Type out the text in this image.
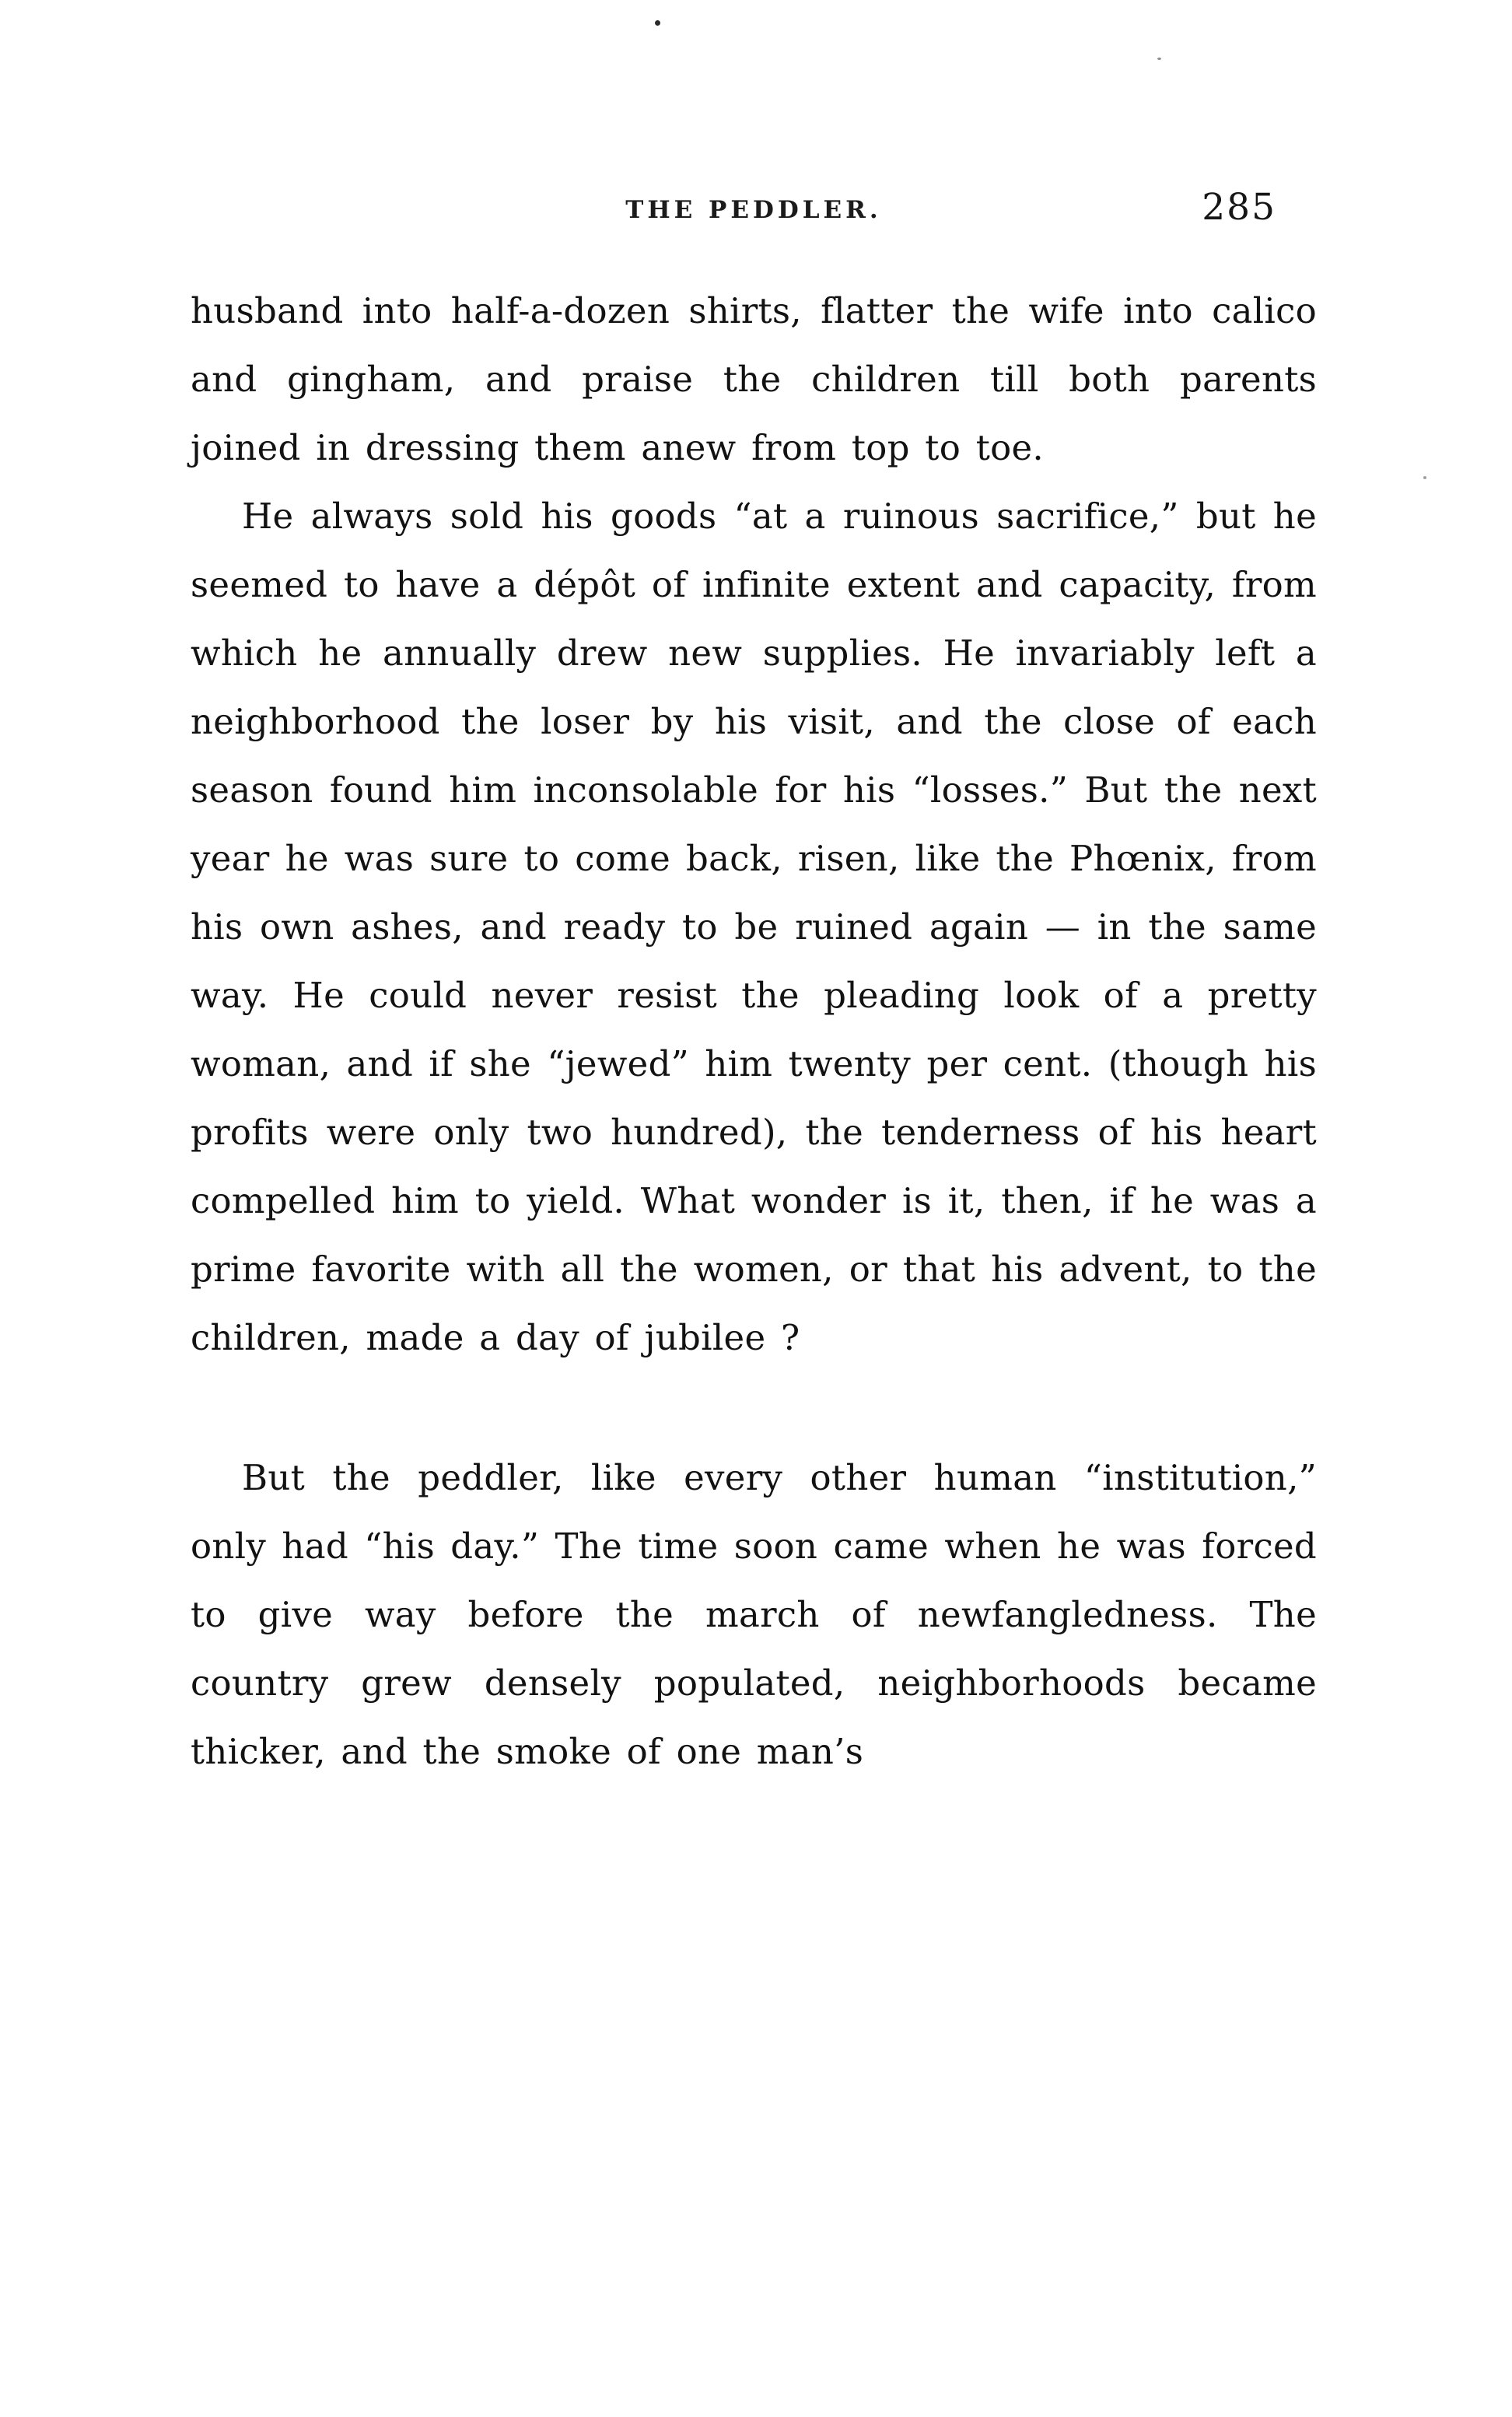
THE PEDDLER.	285

husband into half-a-dozen shirts, flatter the wife into calico and gingham, and praise the children till both parents joined in dressing them anew from top to toe.

He always sold his goods “at a ruinous sacrifice,” but he seemed to have a dépôt of infinite extent and capacity, from which he annually drew new supplies. He invariably left a neighborhood the loser by his visit, and the close of each season found him inconsolable for his “losses.” But the next year he was sure to come back, risen, like the Phœnix, from his own ashes, and ready to be ruined again — in the same way. He could never resist the pleading look of a pretty woman, and if she “jewed” him twenty per cent. (though his profits were only two hundred), the tenderness of his heart compelled him to yield. What wonder is it, then, if he was a prime favorite with all the women, or that his advent, to the children, made a day of jubilee ?

But the peddler, like every other human “institution,” only had “his day.” The time soon came when he was forced to give way before the march of newfangledness. The country grew densely populated, neighborhoods became thicker, and the smoke of one man’s
